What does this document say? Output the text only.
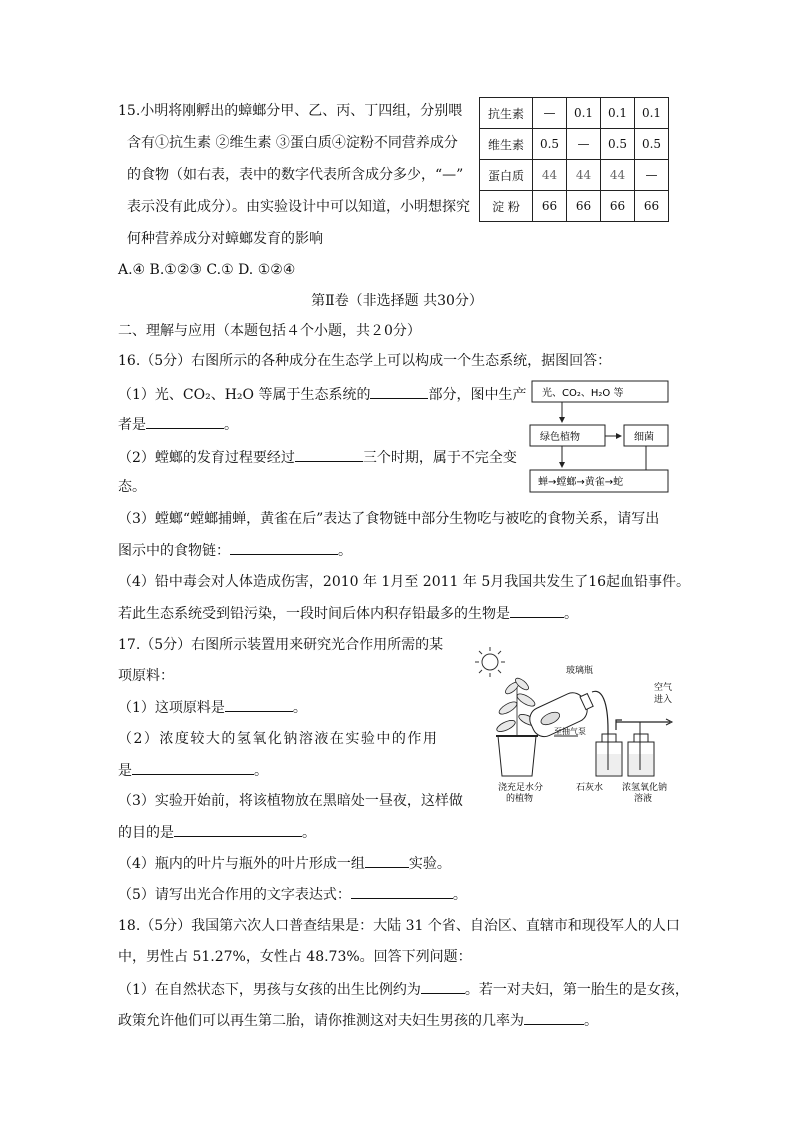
15.小明将刚孵出的蟑螂分甲、乙、丙、丁四组，分别喂
含有①抗生素 ②维生素 ③蛋白质④淀粉不同营养成分
的食物（如右表，表中的数字代表所含成分多少，“—”
表示没有此成分）。由实验设计中可以知道，小明想探究
何种营养成分对蟑螂发育的影响
A.④ B.①②③ C.① D. ①②④
抗生素	—	0.1	0.1	0.1
维生素	0.5	—	0.5	0.5
蛋白质	44	44	44	—
淀 粉	66	66	66	66
第Ⅱ卷（非选择题 共30分）
二、理解与应用（本题包括４个小题，共２0分）
16.（5分）右图所示的各种成分在生态学上可以构成一个生态系统，据图回答：
（1）光、CO₂、H₂O 等属于生态系统的	部分，图中生产
者是	。
（2）螳螂的发育过程要经过	三个时期，属于不完全变
态。
（3）螳螂“螳螂捕蝉，黄雀在后”表达了食物链中部分生物吃与被吃的食物关系，请写出
图示中的食物链：	。
（4）铅中毒会对人体造成伤害，2010 年 1月至 2011 年 5月我国共发生了16起血铅事件。
若此生态系统受到铅污染，一段时间后体内积存铅最多的生物是	。
光、CO₂、H₂O 等
绿色植物	细菌
蝉→螳螂→黄雀→蛇
17.（5分）右图所示装置用来研究光合作用所需的某
项原料：
（1）这项原料是	。
（2）浓度较大的氢氧化钠溶液在实验中的作用
是	。
（3）实验开始前，将该植物放在黑暗处一昼夜，这样做
的目的是	。
（4）瓶内的叶片与瓶外的叶片形成一组	实验。
（5）请写出光合作用的文字表达式：	。
玻璃瓶
空气
进入
至抽气泵
浇充足水分
的植物
石灰水 浓氢氧化钠
溶液
18.（5分）我国第六次人口普查结果是：大陆 31 个省、自治区、直辖市和现役军人的人口
中，男性占 51.27%，女性占 48.73%。回答下列问题：
（1）在自然状态下，男孩与女孩的出生比例约为	。若一对夫妇，第一胎生的是女孩，
政策允许他们可以再生第二胎，请你推测这对夫妇生男孩的几率为	。
